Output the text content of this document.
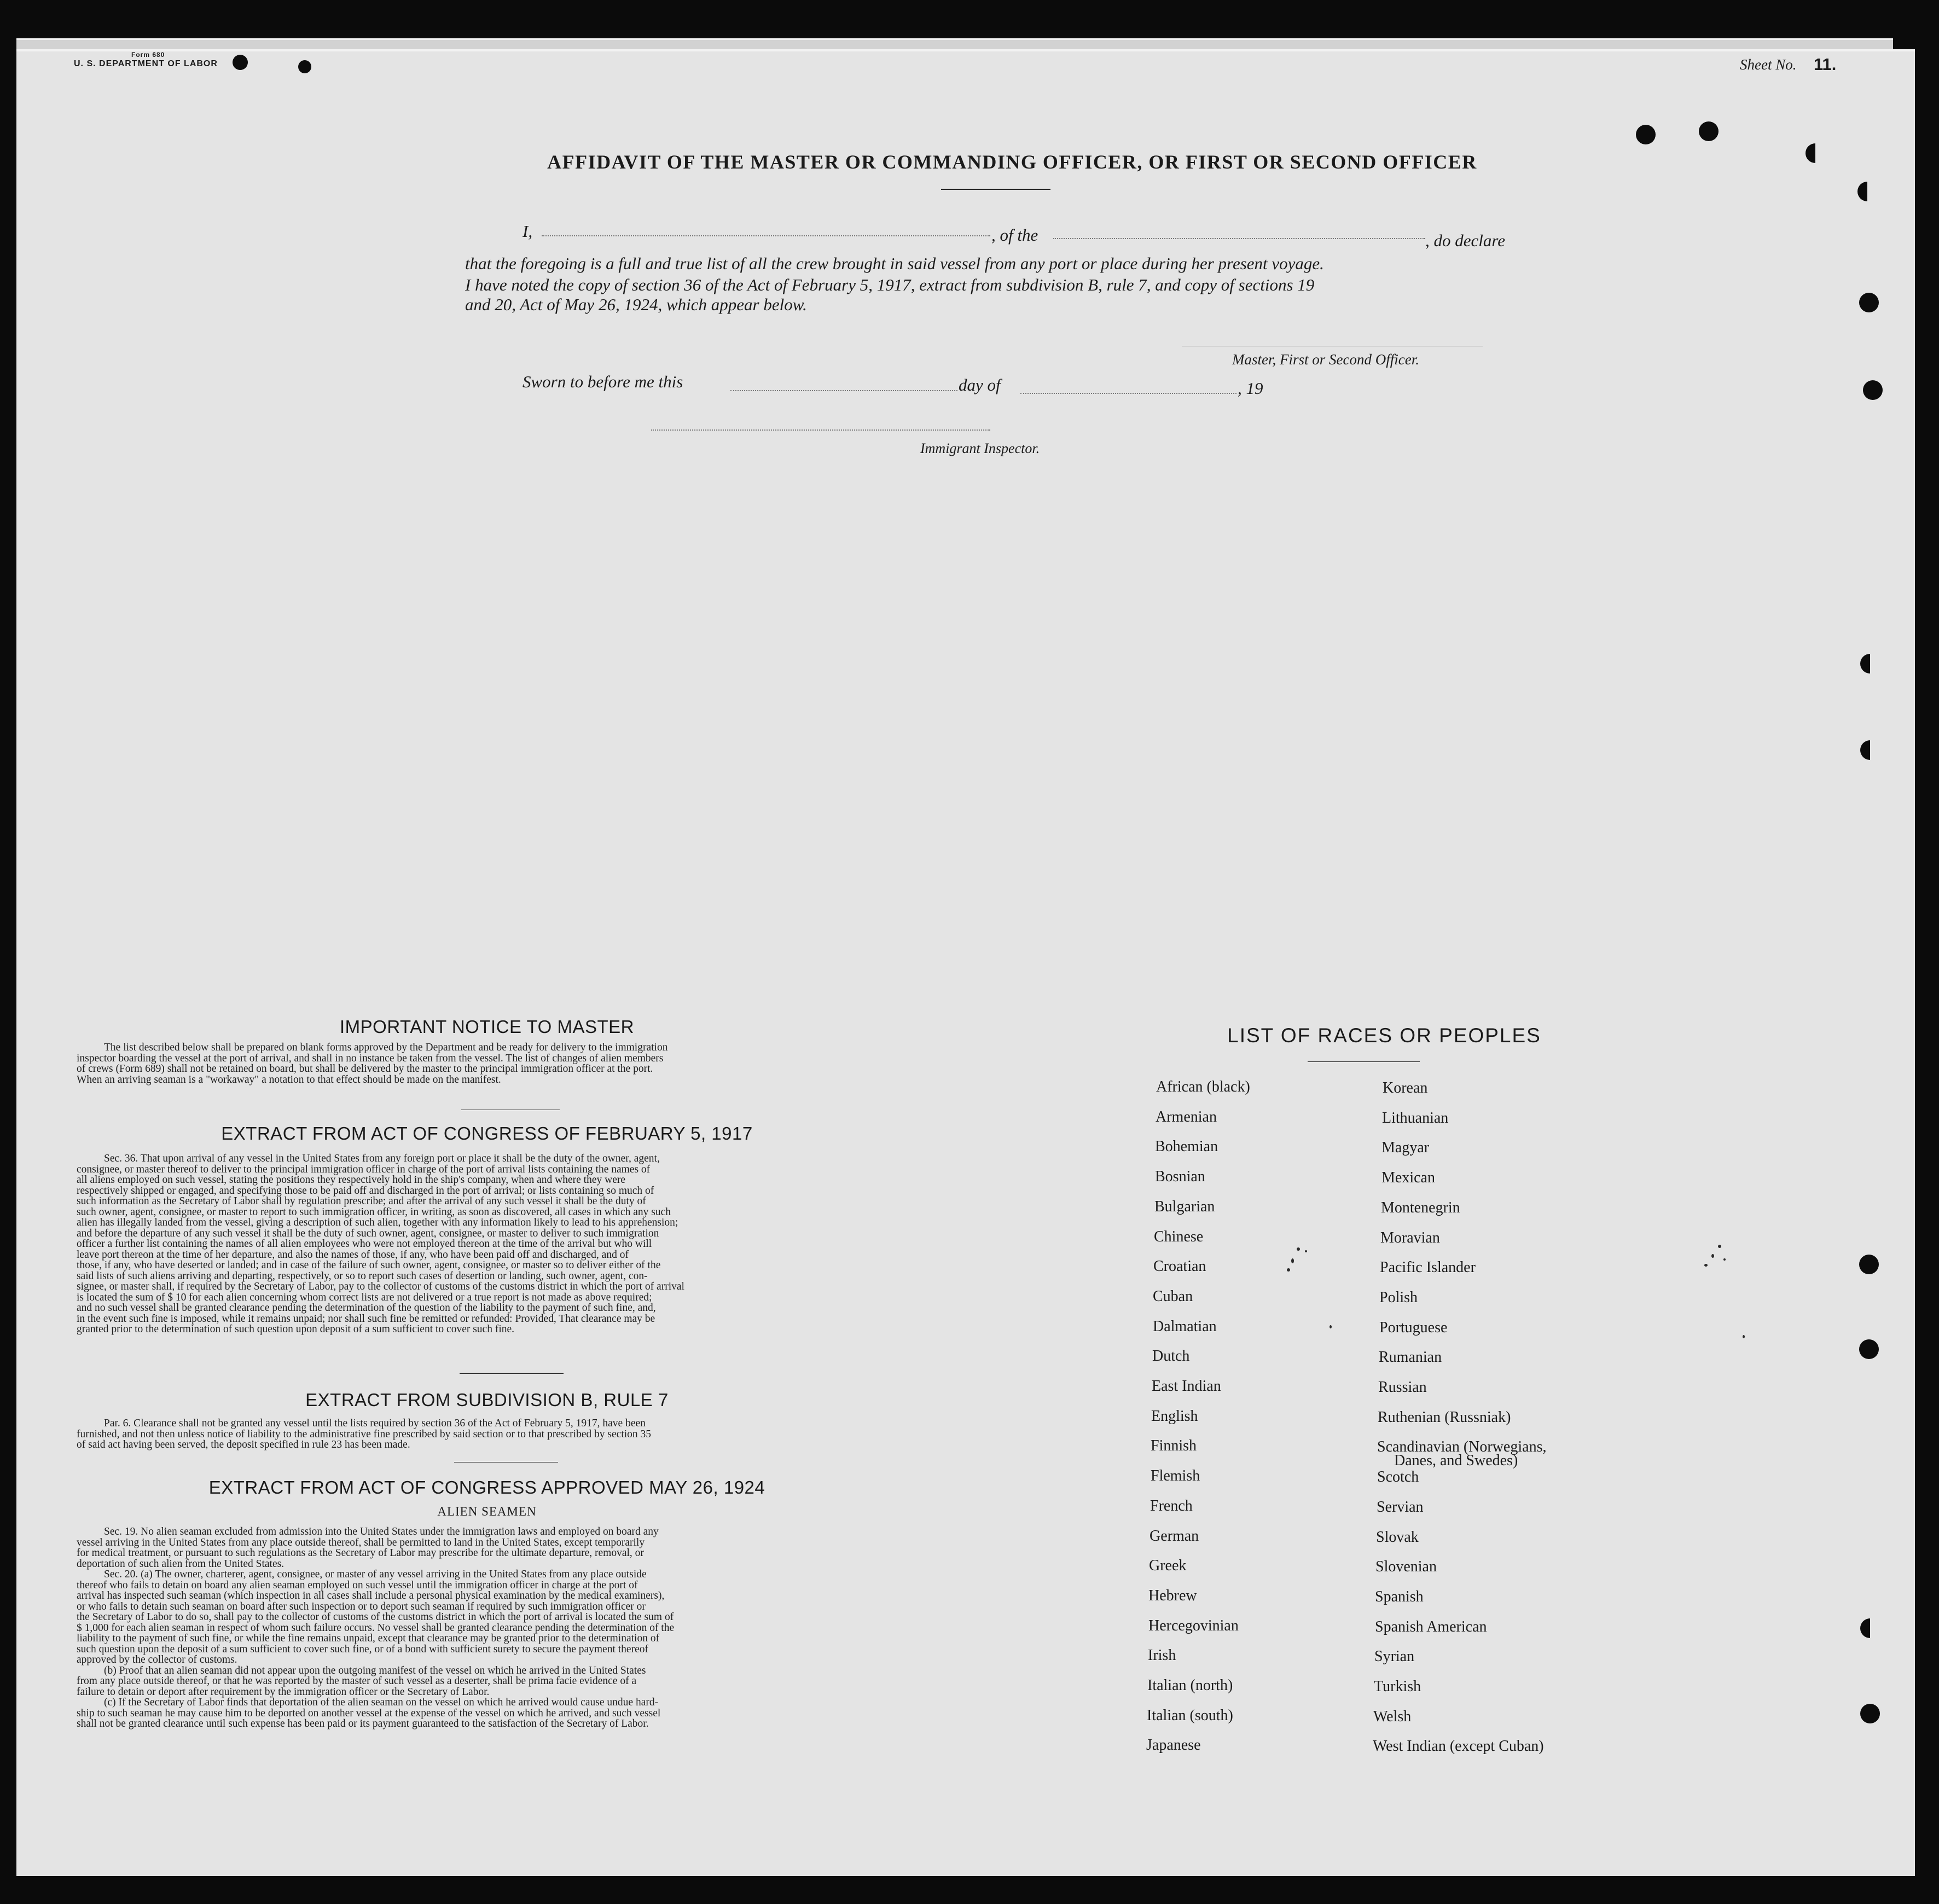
Form 680
U. S. DEPARTMENT OF LABOR	Sheet No. 11.
AFFIDAVIT OF THE MASTER OR COMMANDING OFFICER, OR FIRST OR SECOND OFFICER
I,	, of the	, do declare
that the foregoing is a full and true list of all the crew brought in said vessel from any port or place during her present voyage.
I have noted the copy of section 36 of the Act of February 5, 1917, extract from subdivision B, rule 7, and copy of sections 19
and 20, Act of May 26, 1924, which appear below.
Master, First or Second Officer.
Sworn to before me this	day of	, 19
Immigrant Inspector.
IMPORTANT NOTICE TO MASTER
The list described below shall be prepared on blank forms approved by the Department and be ready for delivery to the immigration
inspector boarding the vessel at the port of arrival, and shall in no instance be taken from the vessel. The list of changes of alien members
of crews (Form 689) shall not be retained on board, but shall be delivered by the master to the principal immigration officer at the port.
When an arriving seaman is a "workaway" a notation to that effect should be made on the manifest.
EXTRACT FROM ACT OF CONGRESS OF FEBRUARY 5, 1917
Sec. 36. That upon arrival of any vessel in the United States from any foreign port or place it shall be the duty of the owner, agent,
consignee, or master thereof to deliver to the principal immigration officer in charge of the port of arrival lists containing the names of
all aliens employed on such vessel, stating the positions they respectively hold in the ship's company, when and where they were
respectively shipped or engaged, and specifying those to be paid off and discharged in the port of arrival; or lists containing so much of
such information as the Secretary of Labor shall by regulation prescribe; and after the arrival of any such vessel it shall be the duty of
such owner, agent, consignee, or master to report to such immigration officer, in writing, as soon as discovered, all cases in which any such
alien has illegally landed from the vessel, giving a description of such alien, together with any information likely to lead to his apprehension;
and before the departure of any such vessel it shall be the duty of such owner, agent, consignee, or master to deliver to such immigration
officer a further list containing the names of all alien employees who were not employed thereon at the time of the arrival but who will
leave port thereon at the time of her departure, and also the names of those, if any, who have been paid off and discharged, and of
those, if any, who have deserted or landed; and in case of the failure of such owner, agent, consignee, or master so to deliver either of the
said lists of such aliens arriving and departing, respectively, or so to report such cases of desertion or landing, such owner, agent, con-
signee, or master shall, if required by the Secretary of Labor, pay to the collector of customs of the customs district in which the port of arrival
is located the sum of $ 10 for each alien concerning whom correct lists are not delivered or a true report is not made as above required;
and no such vessel shall be granted clearance pending the determination of the question of the liability to the payment of such fine, and,
in the event such fine is imposed, while it remains unpaid; nor shall such fine be remitted or refunded: Provided, That clearance may be
granted prior to the determination of such question upon deposit of a sum sufficient to cover such fine.
EXTRACT FROM SUBDIVISION B, RULE 7
Par. 6. Clearance shall not be granted any vessel until the lists required by section 36 of the Act of February 5, 1917, have been
furnished, and not then unless notice of liability to the administrative fine prescribed by said section or to that prescribed by section 35
of said act having been served, the deposit specified in rule 23 has been made.
EXTRACT FROM ACT OF CONGRESS APPROVED MAY 26, 1924
ALIEN SEAMEN
Sec. 19. No alien seaman excluded from admission into the United States under the immigration laws and employed on board any
vessel arriving in the United States from any place outside thereof, shall be permitted to land in the United States, except temporarily
for medical treatment, or pursuant to such regulations as the Secretary of Labor may prescribe for the ultimate departure, removal, or
deportation of such alien from the United States.
Sec. 20. (a) The owner, charterer, agent, consignee, or master of any vessel arriving in the United States from any place outside
thereof who fails to detain on board any alien seaman employed on such vessel until the immigration officer in charge at the port of
arrival has inspected such seaman (which inspection in all cases shall include a personal physical examination by the medical examiners),
or who fails to detain such seaman on board after such inspection or to deport such seaman if required by such immigration officer or
the Secretary of Labor to do so, shall pay to the collector of customs of the customs district in which the port of arrival is located the sum of
$ 1,000 for each alien seaman in respect of whom such failure occurs. No vessel shall be granted clearance pending the determination of the
liability to the payment of such fine, or while the fine remains unpaid, except that clearance may be granted prior to the determination of
such question upon the deposit of a sum sufficient to cover such fine, or of a bond with sufficient surety to secure the payment thereof
approved by the collector of customs.
(b) Proof that an alien seaman did not appear upon the outgoing manifest of the vessel on which he arrived in the United States
from any place outside thereof, or that he was reported by the master of such vessel as a deserter, shall be prima facie evidence of a
failure to detain or deport after requirement by the immigration officer or the Secretary of Labor.
(c) If the Secretary of Labor finds that deportation of the alien seaman on the vessel on which he arrived would cause undue hard-
ship to such seaman he may cause him to be deported on another vessel at the expense of the vessel on which he arrived, and such vessel
shall not be granted clearance until such expense has been paid or its payment guaranteed to the satisfaction of the Secretary of Labor.
LIST OF RACES OR PEOPLES
African (black)
Armenian
Bohemian
Bosnian
Bulgarian
Chinese
Croatian
Cuban
Dalmatian
Dutch
East Indian
English
Finnish
Flemish
French
German
Greek
Hebrew
Hercegovinian
Irish
Italian (north)
Italian (south)
Japanese
Korean
Lithuanian
Magyar
Mexican
Montenegrin
Moravian
Pacific Islander
Polish
Portuguese
Rumanian
Russian
Ruthenian (Russniak)
Scandinavian (Norwegians,
Danes, and Swedes)
Scotch
Servian
Slovak
Slovenian
Spanish
Spanish American
Syrian
Turkish
Welsh
West Indian (except Cuban)
